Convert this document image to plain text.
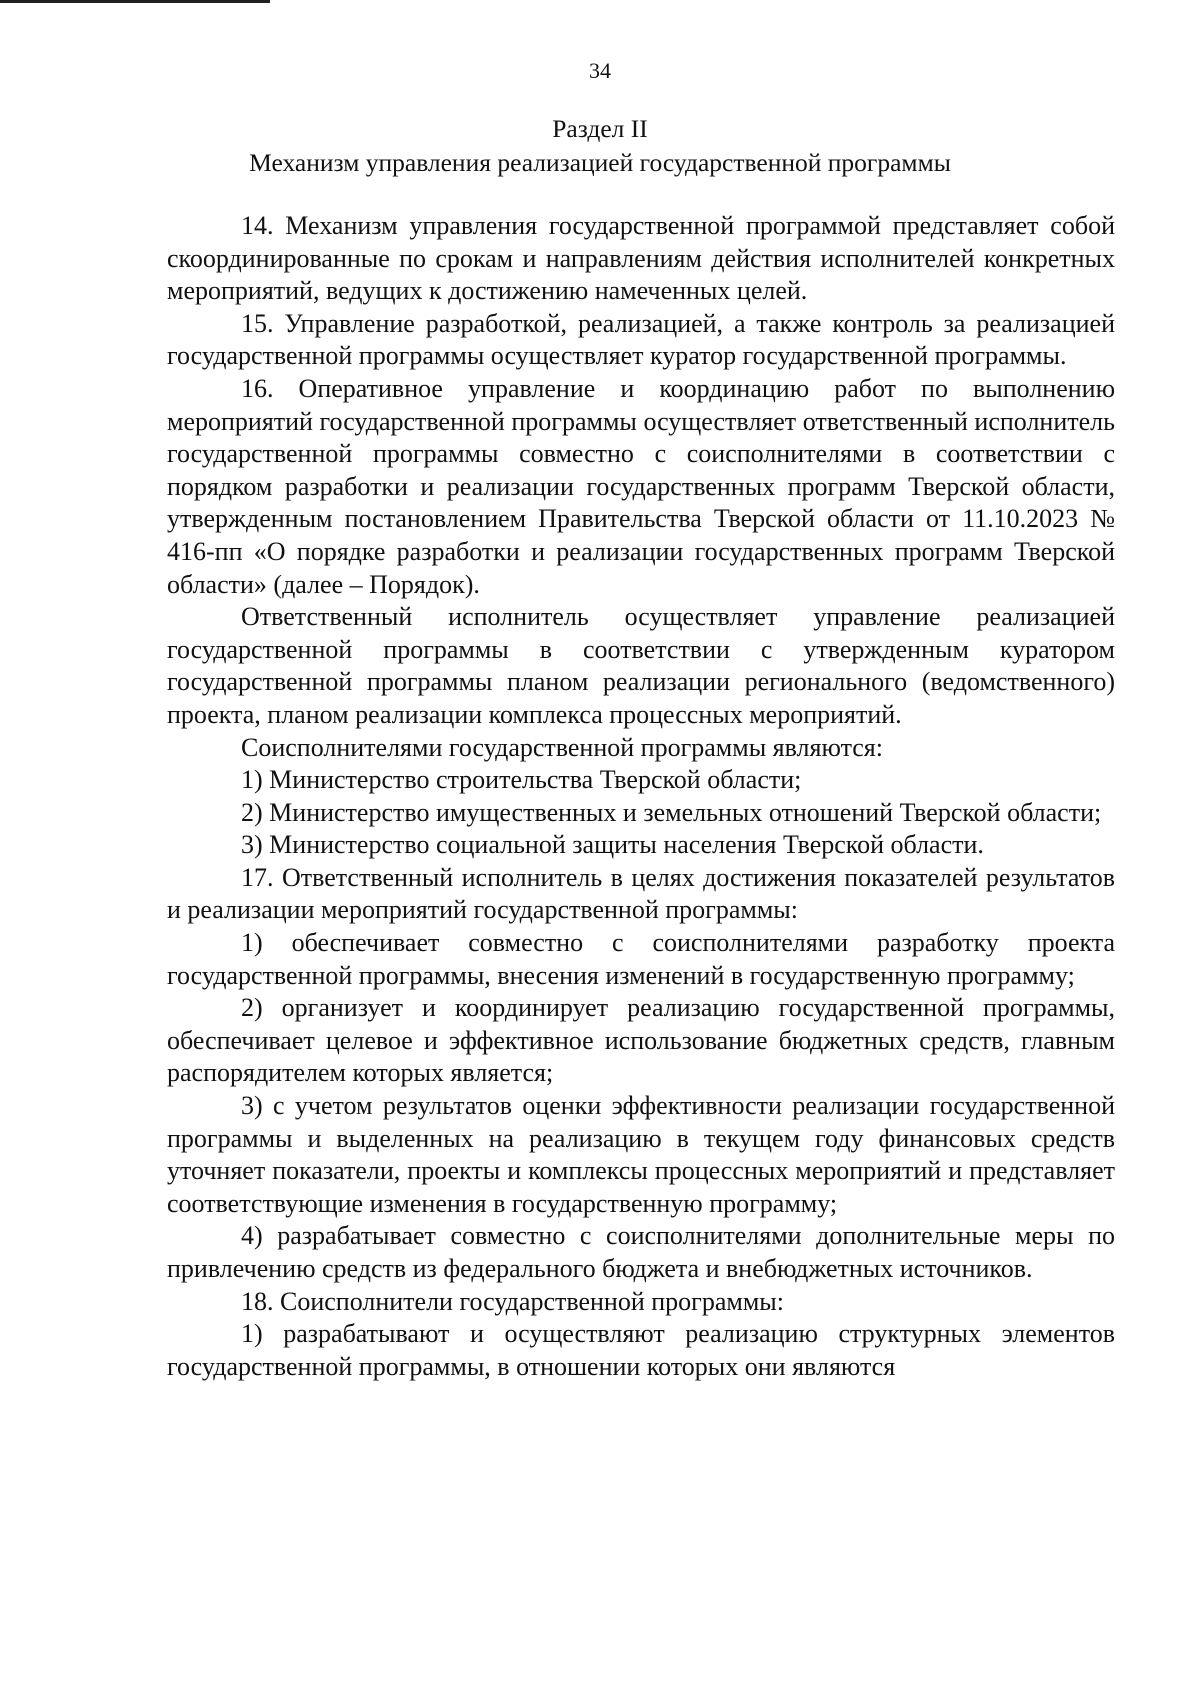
34
Раздел II
Механизм управления реализацией государственной программы

14. Механизм управления государственной программой представляет собой скоординированные по срокам и направлениям действия исполнителей конкретных мероприятий, ведущих к достижению намеченных целей.

15. Управление разработкой, реализацией, а также контроль за реализацией государственной программы осуществляет куратор государственной программы.

16. Оперативное управление и координацию работ по выполнению мероприятий государственной программы осуществляет ответственный исполнитель государственной программы совместно с соисполнителями в соответствии с порядком разработки и реализации государственных программ Тверской области, утвержденным постановлением Правительства Тверской области от 11.10.2023 № 416-пп «О порядке разработки и реализации государственных программ Тверской области» (далее – Порядок).

Ответственный исполнитель осуществляет управление реализацией государственной программы в соответствии с утвержденным куратором государственной программы планом реализации регионального (ведомственного) проекта, планом реализации комплекса процессных мероприятий.

Соисполнителями государственной программы являются:

1) Министерство строительства Тверской области;

2) Министерство имущественных и земельных отношений Тверской области;

3) Министерство социальной защиты населения Тверской области.

17. Ответственный исполнитель в целях достижения показателей результатов и реализации мероприятий государственной программы:

1) обеспечивает совместно с соисполнителями разработку проекта государственной программы, внесения изменений в государственную программу;

2) организует и координирует реализацию государственной программы, обеспечивает целевое и эффективное использование бюджетных средств, главным распорядителем которых является;

3) с учетом результатов оценки эффективности реализации государственной программы и выделенных на реализацию в текущем году финансовых средств уточняет показатели, проекты и комплексы процессных мероприятий и представляет соответствующие изменения в государственную программу;

4) разрабатывает совместно с соисполнителями дополнительные меры по привлечению средств из федерального бюджета и внебюджетных источников.

18. Соисполнители государственной программы:

1) разрабатывают и осуществляют реализацию структурных элементов государственной программы, в отношении которых они являются
